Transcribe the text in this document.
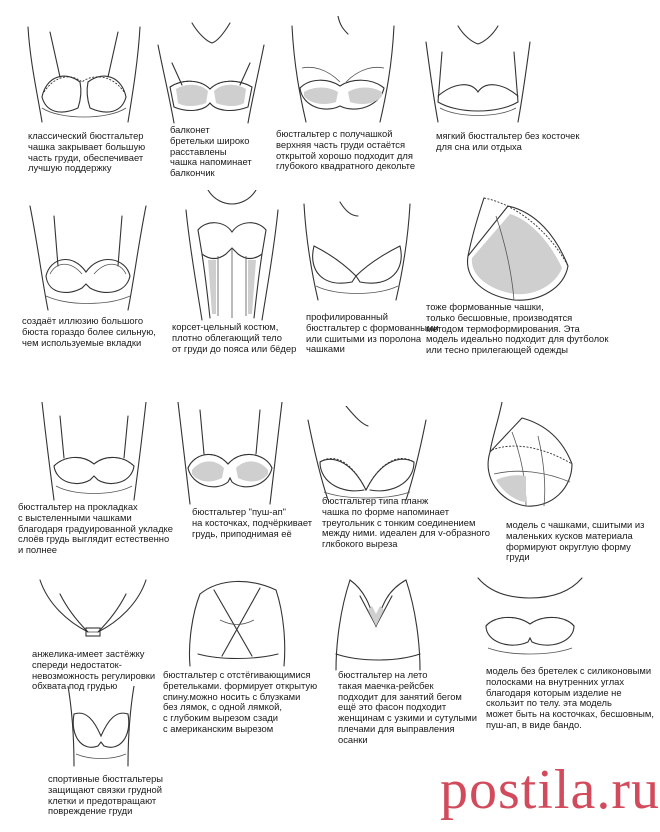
классический бюстгальтер
чашка закрывает большую
часть груди, обеспечивает
лучшую поддержку
балконет
бретельки широко
расставлены
чашка напоминает
балкончик
бюстгальтер с получашкой
верхняя часть груди остаётся
открытой хорошо подходит для
глубокого квадратного декольте
мягкий бюстгальтер без косточек
для сна или отдыха
создаёт иллюзию большого
бюста гораздо более сильную,
чем используемые вкладки
корсет-цельный костюм,
плотно облегающий тело
от груди до пояса или бёдер
профилированный
бюстгальтер с формованными
или сшитыми из поролона
чашками
тоже формованные чашки,
только бесшовные, производятся
методом термоформирования. Эта
модель идеально подходит для футболок
или тесно прилегающей одежды
бюстгальтер на прокладках
с выстеленными чашками
благодаря градуированной укладке
слоёв грудь выглядит естественно
и полнее
бюстгальтер "пуш-ап"
на косточках, подчёркивает
грудь, приподнимая её
бюстгальтер типа планж
чашка по форме напоминает
треугольник с тонким соединением
между ними. идеален для v-образного
глкбокого выреза
модель с чашками, сшитыми из
маленьких кусков материала
формируют округлую форму
груди
анжелика-имеет застёжку
спереди недостаток-
невозможность регулировки
обхвата под грудью
бюстгальтер с отстёгивающимися
бретельками. формирует открытую
спину.можно носить с блузками
без лямок, с одной лямкой,
с глубоким вырезом сзади
с американским вырезом
бюстгальтер на лето
такая маечка-рейсбек
подходит для занятий бегом
ещё это фасон подходит
женщинам с узкими и сутулыми
плечами для выправления
осанки
модель без бретелек с силиконовыми
полосками на внутренних углах
благодаря которым изделие не
скользит по телу. эта модель
может быть на косточках, бесшовным,
пуш-ап, в виде бандо.
спортивные бюстгальтеры
защищают связки грудной
клетки и предотвращают
повреждение груди	postila.ru
